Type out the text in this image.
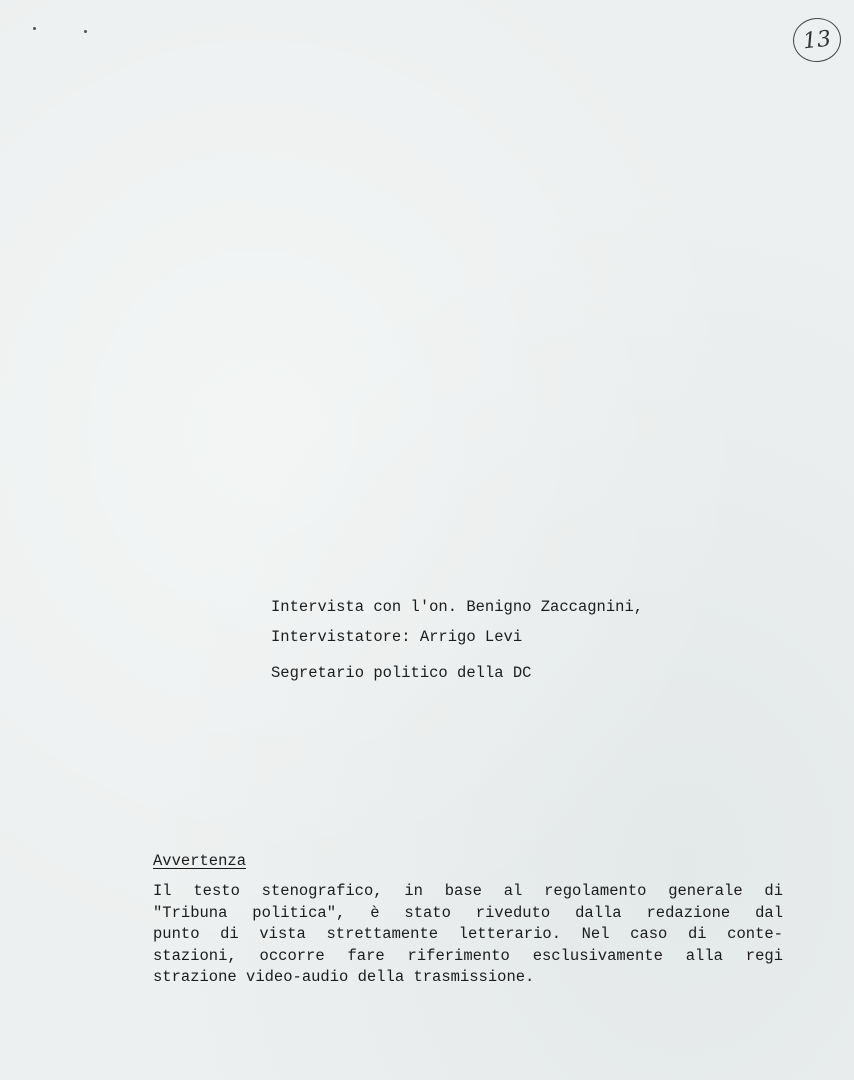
13

Intervista con l'on. Benigno Zaccagnini,

Segretario politico della DC

Intervistatore: Arrigo Levi
Avvertenza
Il testo stenografico, in base al regolamento generale di
"Tribuna politica", è stato riveduto dalla redazione dal
punto di vista strettamente letterario. Nel caso di conte-
stazioni, occorre fare riferimento esclusivamente alla regi
strazione video-audio della trasmissione.
